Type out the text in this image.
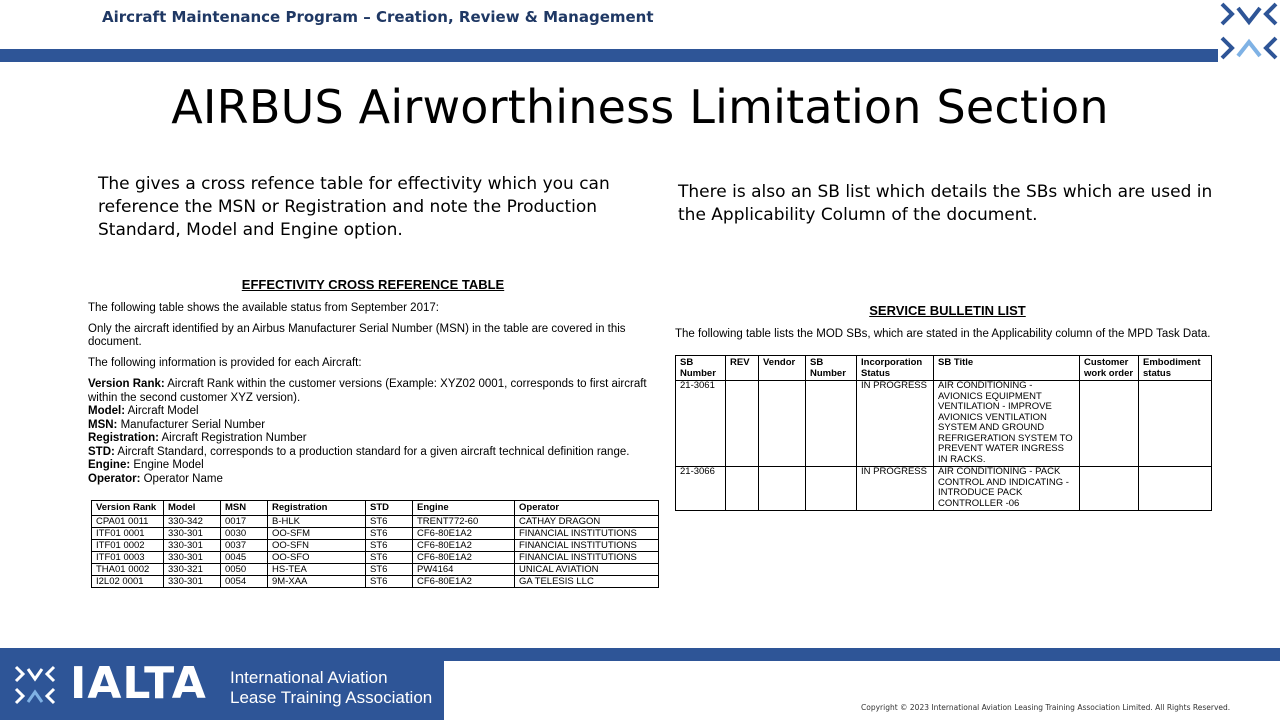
Aircraft Maintenance Program – Creation, Review & Management
AIRBUS Airworthiness Limitation Section
The gives a cross refence table for effectivity which you can reference the MSN or Registration and note the Production Standard, Model and Engine option.
There is also an SB list which details the SBs which are used in the Applicability Column of the document.
EFFECTIVITY CROSS REFERENCE TABLE

The following table shows the available status from September 2017:

Only the aircraft identified by an Airbus Manufacturer Serial Number (MSN) in the table are covered in this document.

The following information is provided for each Aircraft:

Version Rank: Aircraft Rank within the customer versions (Example: XYZ02 0001, corresponds to first aircraft within the second customer XYZ version).
Model: Aircraft Model
MSN: Manufacturer Serial Number
Registration: Aircraft Registration Number
STD: Aircraft Standard, corresponds to a production standard for a given aircraft technical definition range.
Engine: Engine Model
Operator: Operator Name
Version Rank	Model	MSN	Registration	STD	Engine	Operator
CPA01 0011	330-342	0017	B-HLK	ST6	TRENT772-60	CATHAY DRAGON
ITF01 0001	330-301	0030	OO-SFM	ST6	CF6-80E1A2	FINANCIAL INSTITUTIONS
ITF01 0002	330-301	0037	OO-SFN	ST6	CF6-80E1A2	FINANCIAL INSTITUTIONS
ITF01 0003	330-301	0045	OO-SFO	ST6	CF6-80E1A2	FINANCIAL INSTITUTIONS
THA01 0002	330-321	0050	HS-TEA	ST6	PW4164	UNICAL AVIATION
I2L02 0001	330-301	0054	9M-XAA	ST6	CF6-80E1A2	GA TELESIS LLC
SERVICE BULLETIN LIST

The following table lists the MOD SBs, which are stated in the Applicability column of the MPD Task Data.

SB Number	REV	Vendor	SB Number	Incorporation Status	SB Title	Customer work order	Embodiment status
21-3061				IN PROGRESS	AIR CONDITIONING - AVIONICS EQUIPMENT VENTILATION - IMPROVE AVIONICS VENTILATION SYSTEM AND GROUND REFRIGERATION SYSTEM TO PREVENT WATER INGRESS IN RACKS.		
21-3066				IN PROGRESS	AIR CONDITIONING - PACK CONTROL AND INDICATING - INTRODUCE PACK CONTROLLER -06		
IALTA International Aviation
Lease Training Association
Copyright © 2023 International Aviation Leasing Training Association Limited. All Rights Reserved.
